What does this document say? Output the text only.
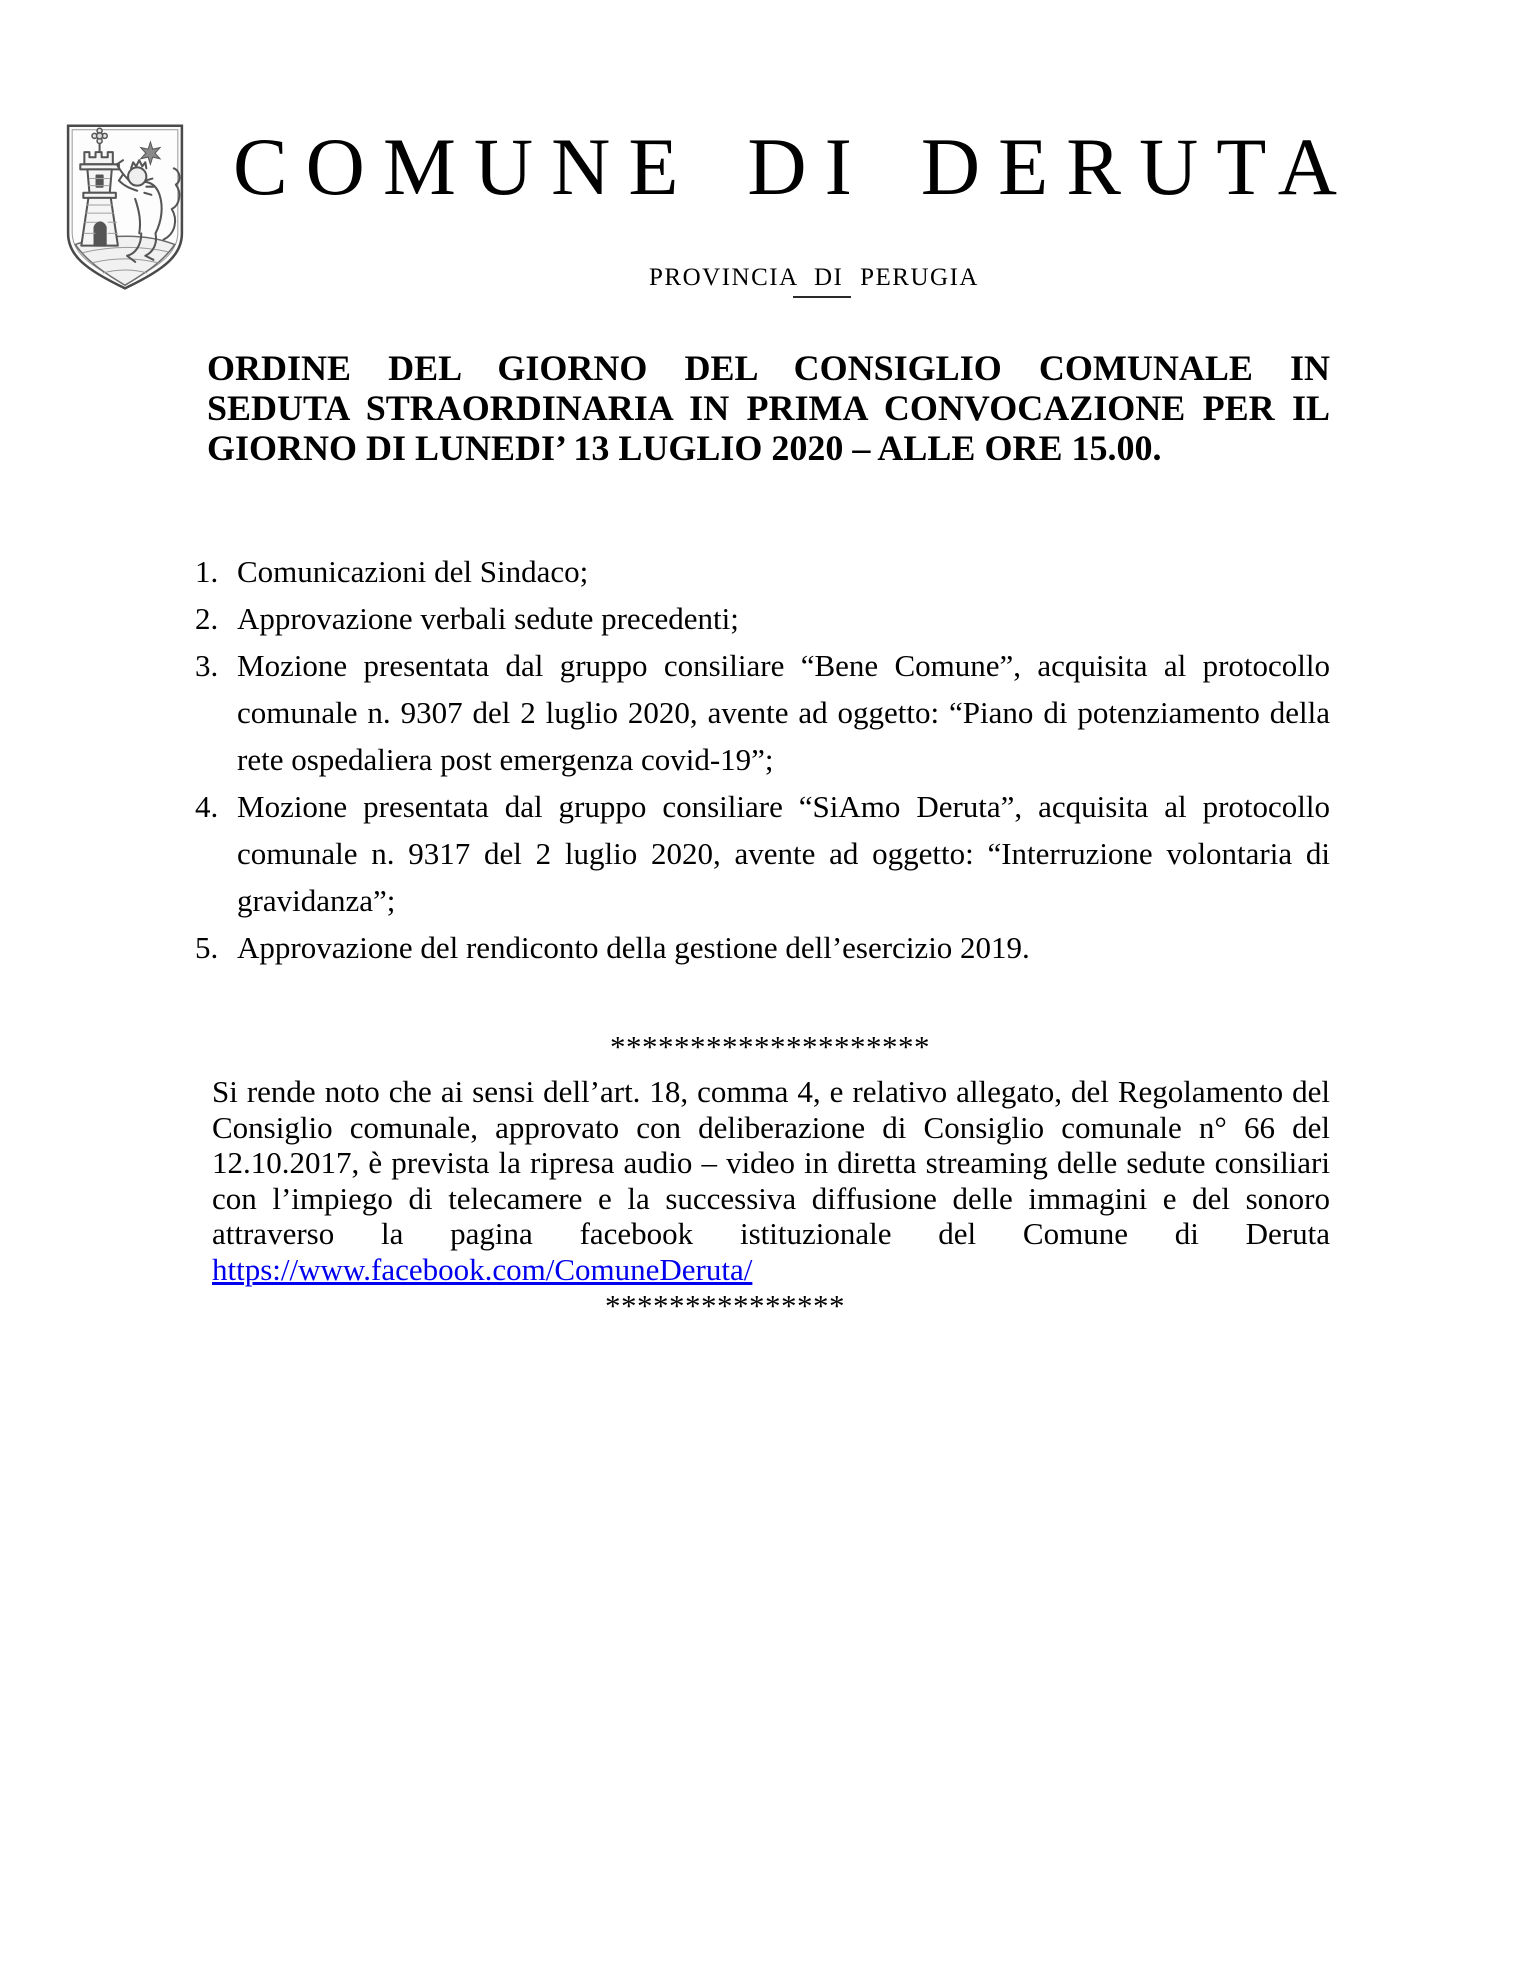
COMUNE DI DERUTA
PROVINCIA DI PERUGIA
ORDINE DEL GIORNO DEL CONSIGLIO COMUNALE IN
SEDUTA STRAORDINARIA IN PRIMA CONVOCAZIONE PER IL
GIORNO DI LUNEDI’ 13 LUGLIO 2020 – ALLE ORE 15.00.
1. Comunicazioni del Sindaco;
2. Approvazione verbali sedute precedenti;
3. Mozione presentata dal gruppo consiliare “Bene Comune”, acquisita al protocollo comunale n. 9307 del 2 luglio 2020, avente ad oggetto: “Piano di potenziamento della rete ospedaliera post emergenza covid-19”;
4. Mozione presentata dal gruppo consiliare “SiAmo Deruta”, acquisita al protocollo comunale n. 9317 del 2 luglio 2020, avente ad oggetto: “Interruzione volontaria di gravidanza”;
5. Approvazione del rendiconto della gestione dell’esercizio 2019.
********************

Si rende noto che ai sensi dell’art. 18, comma 4, e relativo allegato, del Regolamento del Consiglio comunale, approvato con deliberazione di Consiglio comunale n° 66 del 12.10.2017, è prevista la ripresa audio – video in diretta streaming delle sedute consiliari con l’impiego di telecamere e la successiva diffusione delle immagini e del sonoro attraverso la pagina facebook istituzionale del Comune di Deruta https://www.facebook.com/ComuneDeruta/

***************
